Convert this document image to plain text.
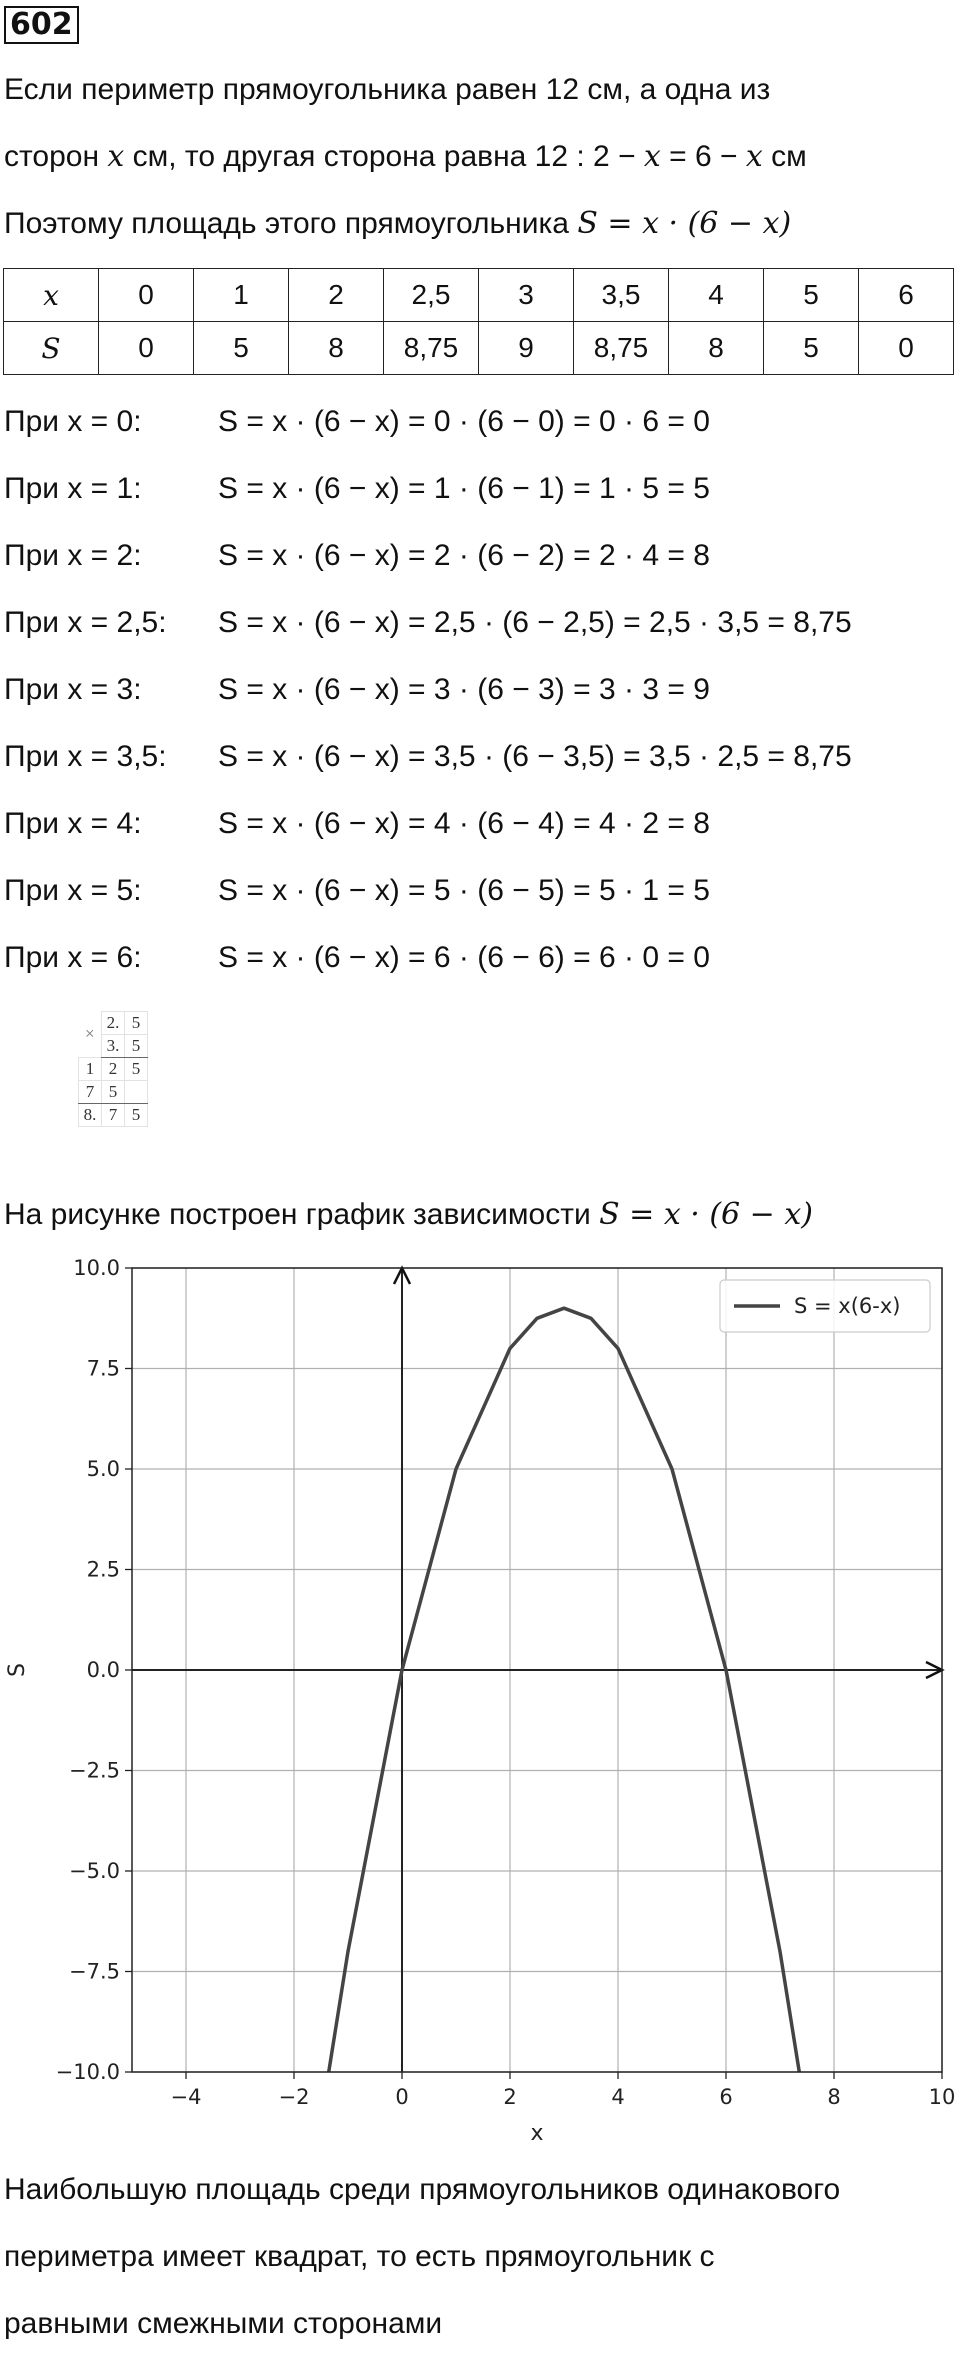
602
Если периметр прямоугольника равен 12 см, а одна из
сторон x см, то другая сторона равна 12 : 2 − x = 6 − x см
Поэтому площадь этого прямоугольника S = x · (6 − x)
x	0	1	2	2,5	3	3,5	4	5	6
S	0	5	8	8,75	9	8,75	8	5	0
При x = 0:	S = x · (6 − x) = 0 · (6 − 0) = 0 · 6 = 0
При x = 1:	S = x · (6 − x) = 1 · (6 − 1) = 1 · 5 = 5
При x = 2:	S = x · (6 − x) = 2 · (6 − 2) = 2 · 4 = 8
При x = 2,5: S = x · (6 − x) = 2,5 · (6 − 2,5) = 2,5 · 3,5 = 8,75
При x = 3:	S = x · (6 − x) = 3 · (6 − 3) = 3 · 3 = 9
При x = 3,5: S = x · (6 − x) = 3,5 · (6 − 3,5) = 3,5 · 2,5 = 8,75
При x = 4:	S = x · (6 − x) = 4 · (6 − 4) = 4 · 2 = 8
При x = 5:	S = x · (6 − x) = 5 · (6 − 5) = 5 · 1 = 5
При x = 6:	S = x · (6 − x) = 6 · (6 − 6) = 6 · 0 = 0
×	2.	5
	3.	5
1	2	5
7	5	
8.	7	5
На рисунке построен график зависимости S = x · (6 − x)
−4	−2	0	2	4	6	8	10
−10.0
−7.5
−5.0
−2.5
0.0
2.5
5.0
7.5
10.0
S = x(6-x)
x
S
Наибольшую площадь среди прямоугольников одинакового
периметра имеет квадрат, то есть прямоугольник с
равными смежными сторонами
